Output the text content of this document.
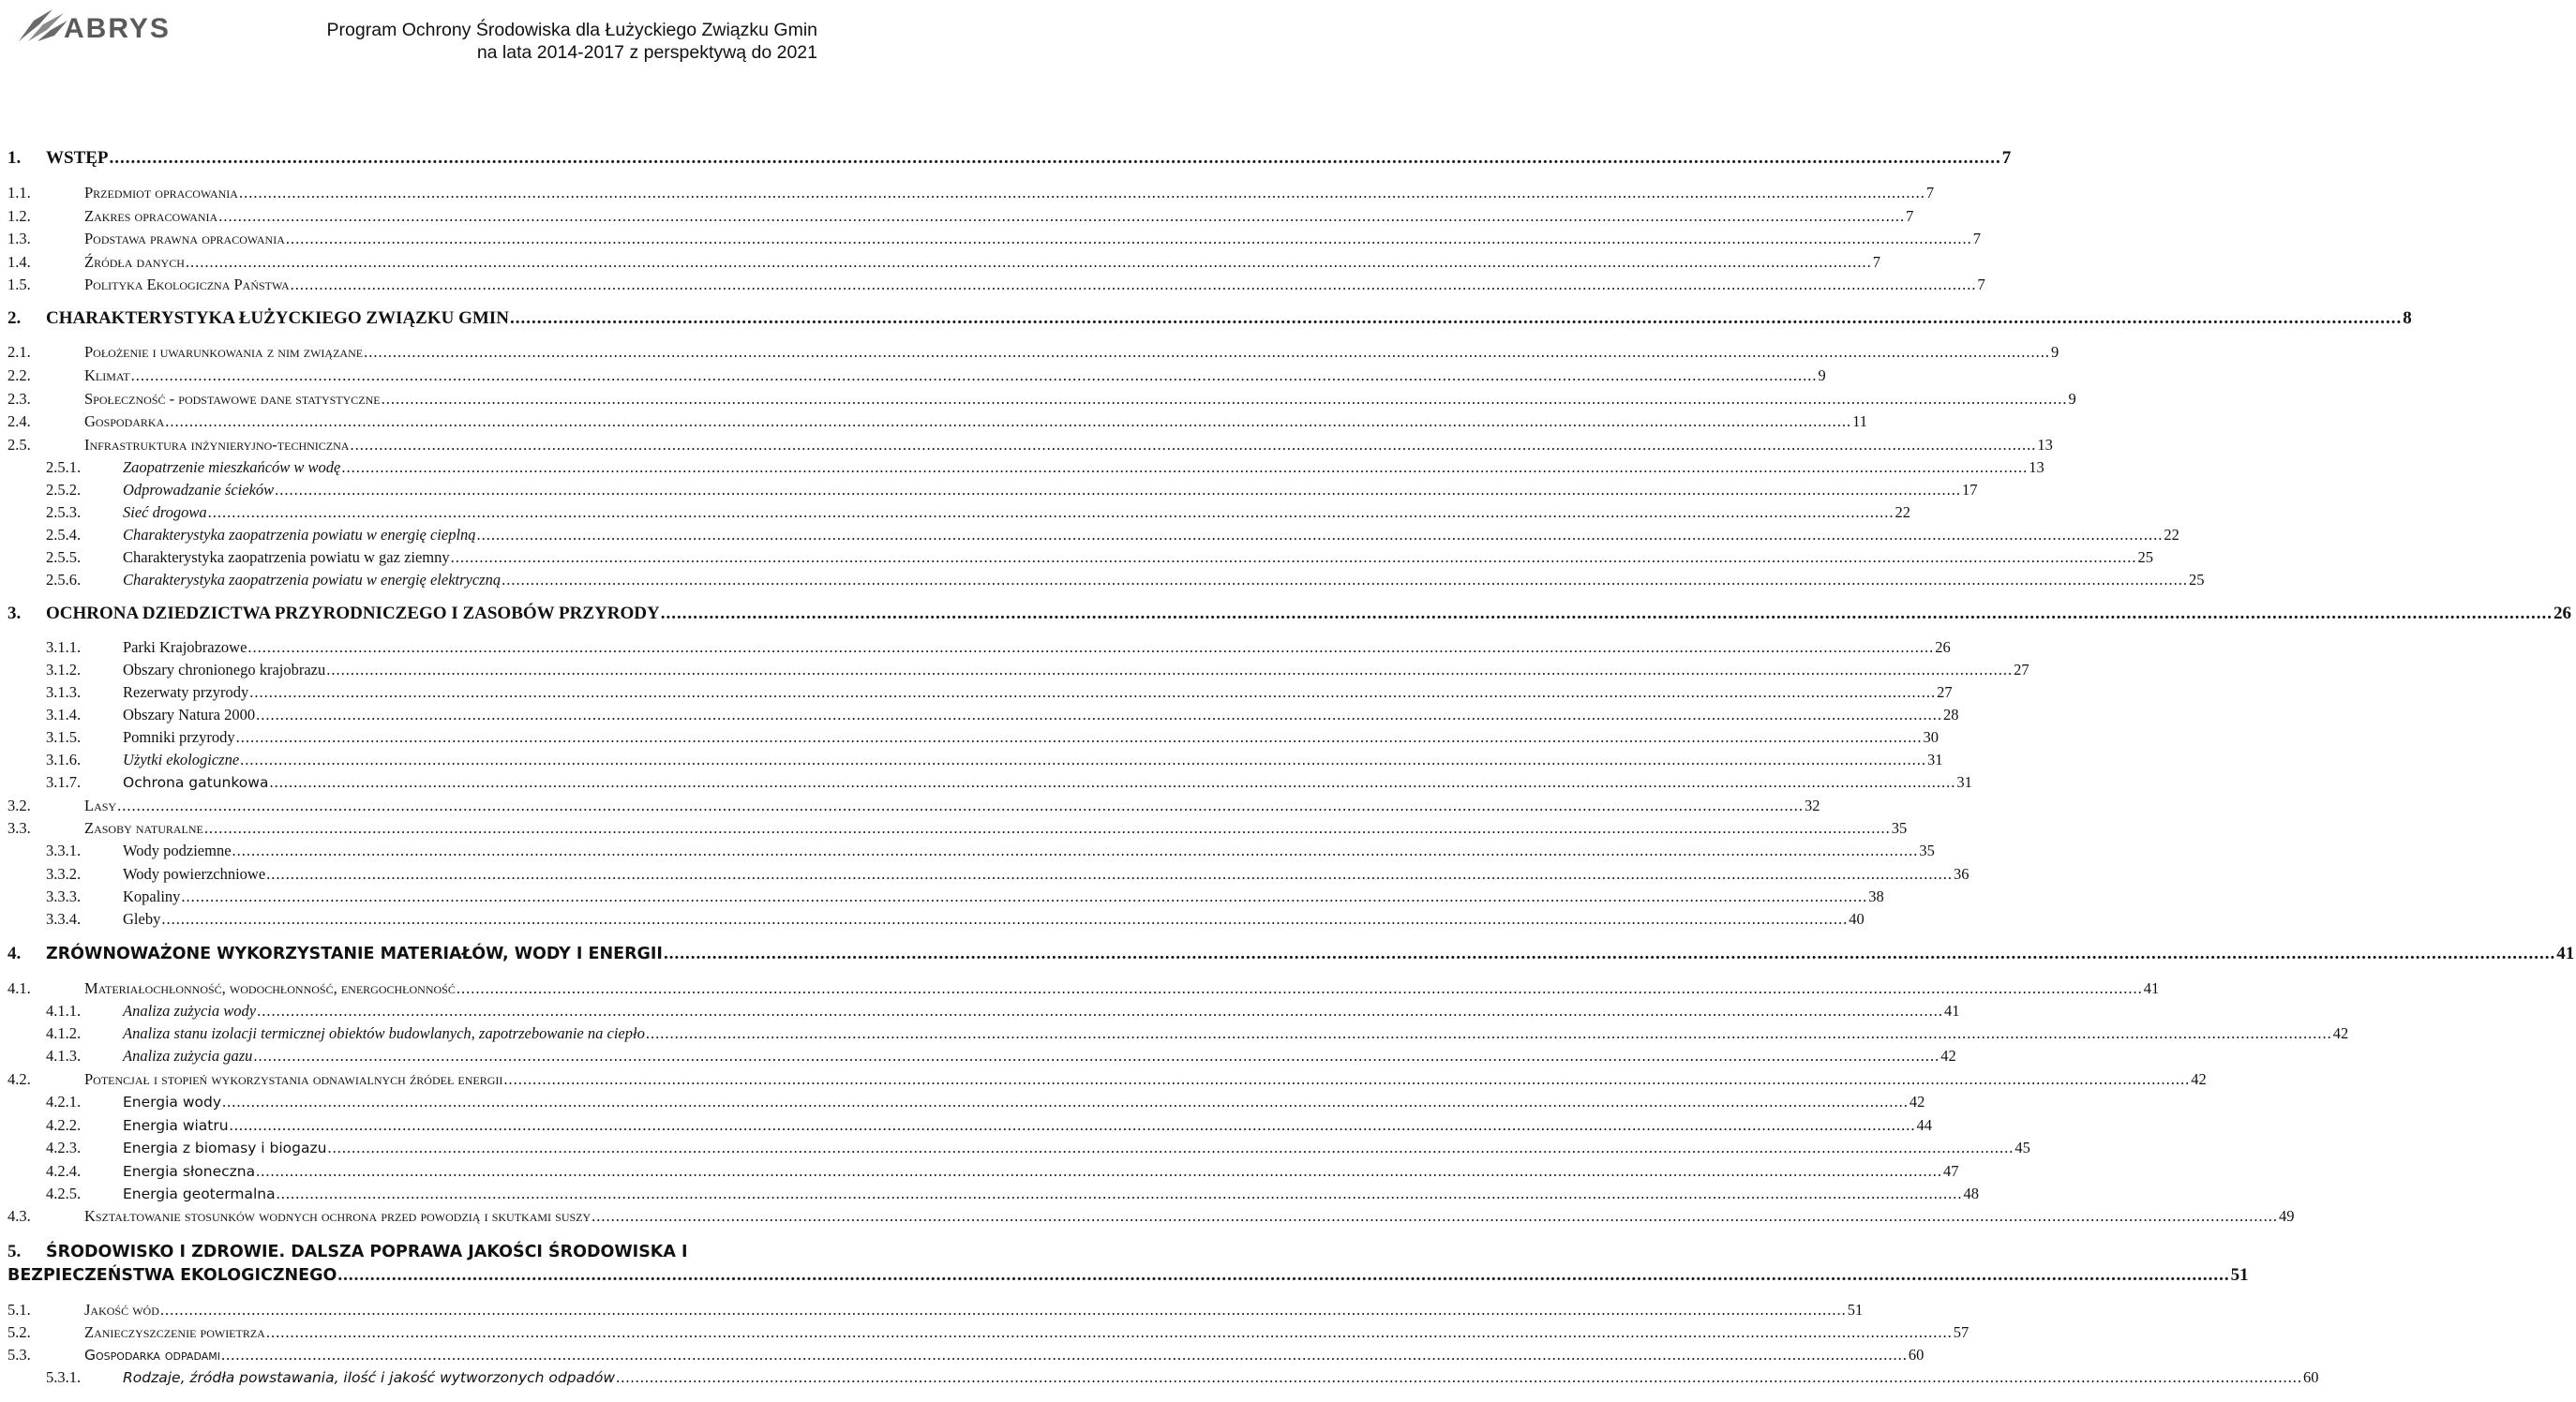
ABRYS	Program Ochrony Środowiska dla Łużyckiego Związku Gmin
na lata 2014-2017 z perspektywą do 2021
1.	WSTĘP .....	7
1.1.	Przedmiot opracowania .....	7
1.2.	Zakres opracowania .....	7
1.3.	Podstawa prawna opracowania .....	7
1.4.	Źródła danych .....	7
1.5.	Polityka Ekologiczna Państwa .....	7
2.	CHARAKTERYSTYKA ŁUŻYCKIEGO ZWIĄZKU GMIN .....	8
2.1.	Położenie i uwarunkowania z nim związane .....	9
2.2.	Klimat .....	9
2.3.	Społeczność - podstawowe dane statystyczne .....	9
2.4.	Gospodarka .....	11
2.5.	Infrastruktura inżynieryjno-techniczna .....	13
2.5.1.	Zaopatrzenie mieszkańców w wodę .....	13
2.5.2.	Odprowadzanie ścieków .....	17
2.5.3.	Sieć drogowa .....	22
2.5.4.	Charakterystyka zaopatrzenia powiatu w energię cieplną .....	22
2.5.5.	Charakterystyka zaopatrzenia powiatu w gaz ziemny .....	25
2.5.6.	Charakterystyka zaopatrzenia powiatu w energię elektryczną .....	25
3.	OCHRONA DZIEDZICTWA PRZYRODNICZEGO I ZASOBÓW PRZYRODY .....	26
3.1.1.	Parki Krajobrazowe .....	26
3.1.2.	Obszary chronionego krajobrazu .....	27
3.1.3.	Rezerwaty przyrody .....	27
3.1.4.	Obszary Natura 2000 .....	28
3.1.5.	Pomniki przyrody .....	30
3.1.6.	Użytki ekologiczne .....	31
3.1.7.	Ochrona gatunkowa .....	31
3.2.	Lasy .....	32
3.3.	Zasoby naturalne .....	35
3.3.1.	Wody podziemne .....	35
3.3.2.	Wody powierzchniowe .....	36
3.3.3.	Kopaliny .....	38
3.3.4.	Gleby .....	40
4.	ZRÓWNOWAŻONE WYKORZYSTANIE MATERIAŁÓW, WODY I ENERGII .....	41
4.1.	Materiałochłonność, wodochłonność, energochłonność .....	41
4.1.1.	Analiza zużycia wody .....	41
4.1.2.	Analiza stanu izolacji termicznej obiektów budowlanych, zapotrzebowanie na ciepło .....	42
4.1.3.	Analiza zużycia gazu .....	42
4.2.	Potencjał i stopień wykorzystania odnawialnych źródeł energii .....	42
4.2.1.	Energia wody .....	42
4.2.2.	Energia wiatru .....	44
4.2.3.	Energia z biomasy i biogazu .....	45
4.2.4.	Energia słoneczna .....	47
4.2.5.	Energia geotermalna .....	48
4.3.	Kształtowanie stosunków wodnych ochrona przed powodzią i skutkami suszy .....	49
5.	ŚRODOWISKO I ZDROWIE. DALSZA POPRAWA JAKOŚCI ŚRODOWISKA I
BEZPIECZEŃSTWA EKOLOGICZNEGO .....	51
5.1.	Jakość wód .....	51
5.2.	Zanieczyszczenie powietrza .....	57
5.3.	Gospodarka odpadami .....	60
5.3.1.	Rodzaje, źródła powstawania, ilość i jakość wytworzonych odpadów .....	60
